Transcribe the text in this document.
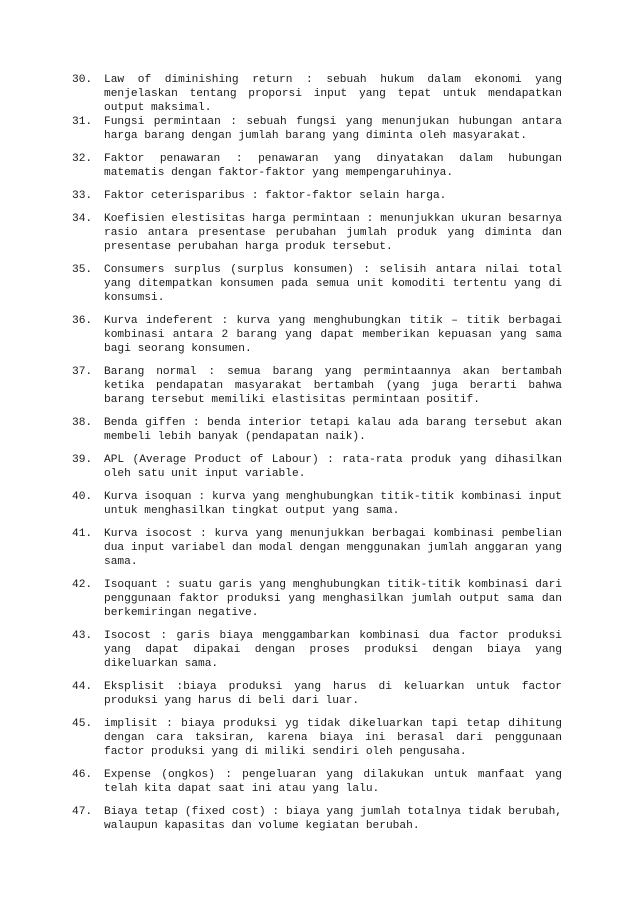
30.	Law of diminishing return : sebuah hukum dalam ekonomi yang menjelaskan tentang proporsi input yang tepat untuk mendapatkan output maksimal.
31.	Fungsi permintaan : sebuah fungsi yang menunjukan hubungan antara harga barang dengan jumlah barang yang diminta oleh masyarakat.
32.	Faktor penawaran : penawaran yang dinyatakan dalam hubungan matematis dengan faktor-faktor yang mempengaruhinya.
33.	Faktor ceterisparibus : faktor-faktor selain harga.
34.	Koefisien elestisitas harga permintaan : menunjukkan ukuran besarnya rasio antara presentase perubahan jumlah produk yang diminta dan presentase perubahan harga produk tersebut.
35.	Consumers surplus (surplus konsumen) : selisih antara nilai total yang ditempatkan konsumen pada semua unit komoditi tertentu yang di konsumsi.
36.	Kurva indeferent : kurva yang menghubungkan titik – titik berbagai kombinasi antara 2 barang yang dapat memberikan kepuasan yang sama bagi seorang konsumen.
37.	Barang normal : semua barang yang permintaannya akan bertambah ketika pendapatan masyarakat bertambah (yang juga berarti bahwa barang tersebut memiliki elastisitas permintaan positif.
38.	Benda giffen : benda interior tetapi kalau ada barang tersebut akan membeli lebih banyak (pendapatan naik).
39.	APL (Average Product of Labour) : rata-rata produk yang dihasilkan oleh satu unit input variable.
40.	Kurva isoquan : kurva yang menghubungkan titik-titik kombinasi input untuk menghasilkan tingkat output yang sama.
41.	Kurva isocost : kurva yang menunjukkan berbagai kombinasi pembelian dua input variabel dan modal dengan menggunakan jumlah anggaran yang sama.
42.	Isoquant : suatu garis yang menghubungkan titik-titik kombinasi dari penggunaan faktor produksi yang menghasilkan jumlah output sama dan berkemiringan negative.
43.	Isocost : garis biaya menggambarkan kombinasi dua factor produksi yang dapat dipakai dengan proses produksi dengan biaya yang dikeluarkan sama.
44.	Eksplisit :biaya produksi yang harus di keluarkan untuk factor produksi yang harus di beli dari luar.
45.	implisit : biaya produksi yg tidak dikeluarkan tapi tetap dihitung dengan cara taksiran, karena biaya ini berasal dari penggunaan factor produksi yang di miliki sendiri oleh pengusaha.
46.	Expense (ongkos) : pengeluaran yang dilakukan untuk manfaat yang telah kita dapat saat ini atau yang lalu.
47.	Biaya tetap (fixed cost) : biaya yang jumlah totalnya tidak berubah, walaupun kapasitas dan volume kegiatan berubah.
